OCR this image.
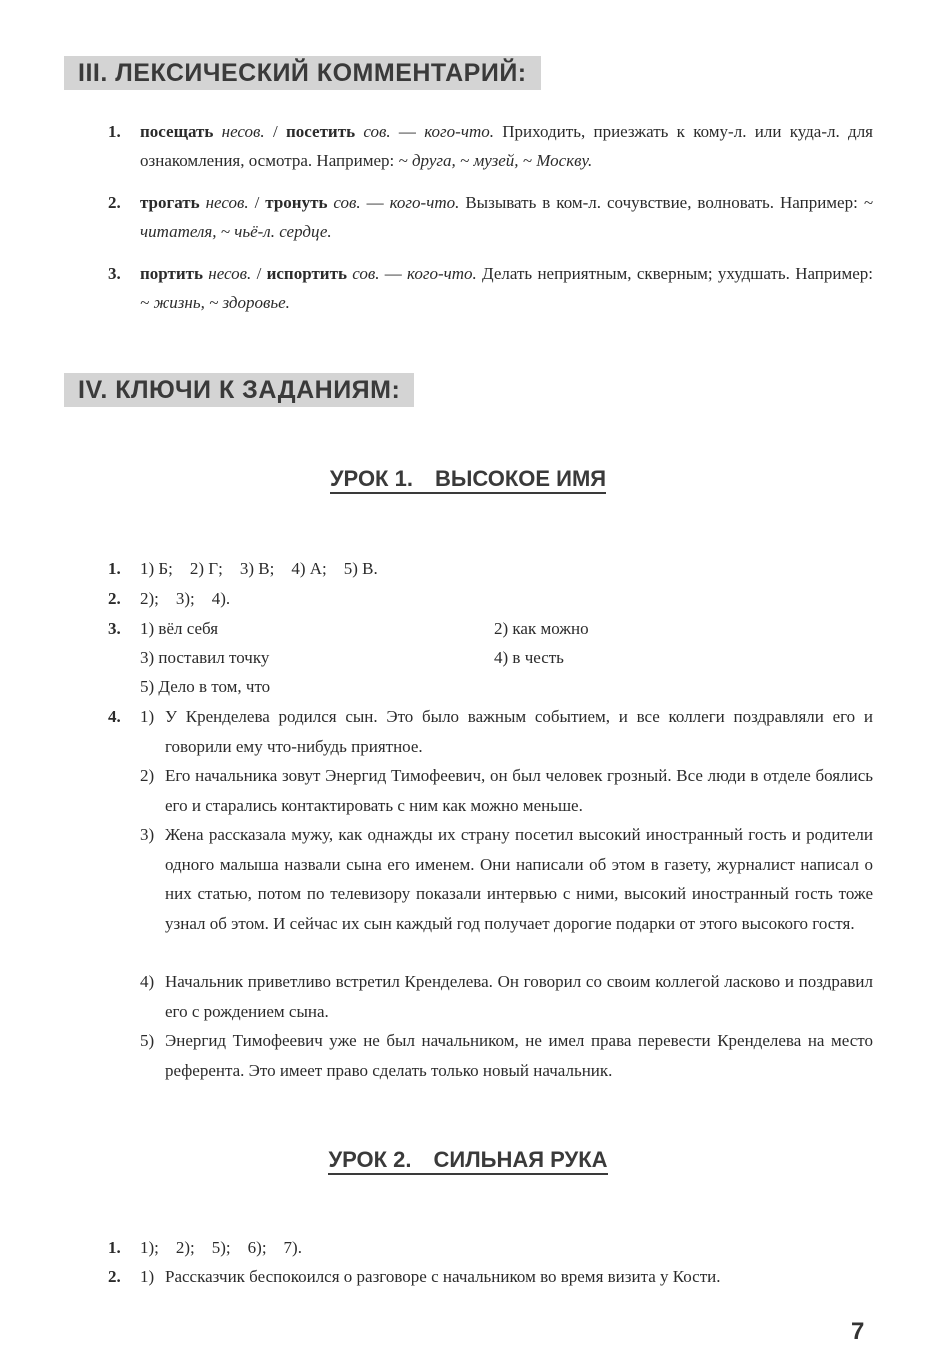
III. ЛЕКСИЧЕСКИЙ КОММЕНТАРИЙ:
1. посещать несов. / посетить сов. — кого-что. Приходить, приезжать к кому-л. или куда-л. для ознакомления, осмотра. Например: ~ друга, ~ музей, ~ Москву.
2. трогать несов. / тронуть сов. — кого-что. Вызывать в ком-л. сочувствие, волновать. Например: ~ читателя, ~ чьё-л. сердце.
3. портить несов. / испортить сов. — кого-что. Делать неприятным, скверным; ухудшать. Например: ~ жизнь, ~ здоровье.
IV. КЛЮЧИ К ЗАДАНИЯМ:
УРОК 1. ВЫСОКОЕ ИМЯ
1. 1) Б;    2) Г;    3) В;    4) А;    5) В.
2. 2);    3);    4).
3. 1) вёл себя	2) как можно
3) поставил точку	4) в честь
5) Дело в том, что
4. 1) У Кренделева родился сын. Это было важным событием, и все коллеги поздравляли его и говорили ему что-нибудь приятное.
2) Его начальника зовут Энергид Тимофеевич, он был человек грозный. Все люди в отделе боялись его и старались контактировать с ним как можно меньше.
3) Жена рассказала мужу, как однажды их страну посетил высокий иностранный гость и родители одного малыша назвали сына его именем. Они написали об этом в газету, журналист написал о них статью, потом по телевизору показали интервью с ними, высокий иностранный гость тоже узнал об этом. И сейчас их сын каждый год получает дорогие подарки от этого высокого гостя.
4) Начальник приветливо встретил Кренделева. Он говорил со своим коллегой ласково и поздравил его с рождением сына.
5) Энергид Тимофеевич уже не был начальником, не имел права перевести Кренделева на место референта. Это имеет право сделать только новый начальник.
УРОК 2. СИЛЬНАЯ РУКА
1. 1);    2);    5);    6);    7).
2. 1) Рассказчик беспокоился о разговоре с начальником во время визита у Кости.
7
